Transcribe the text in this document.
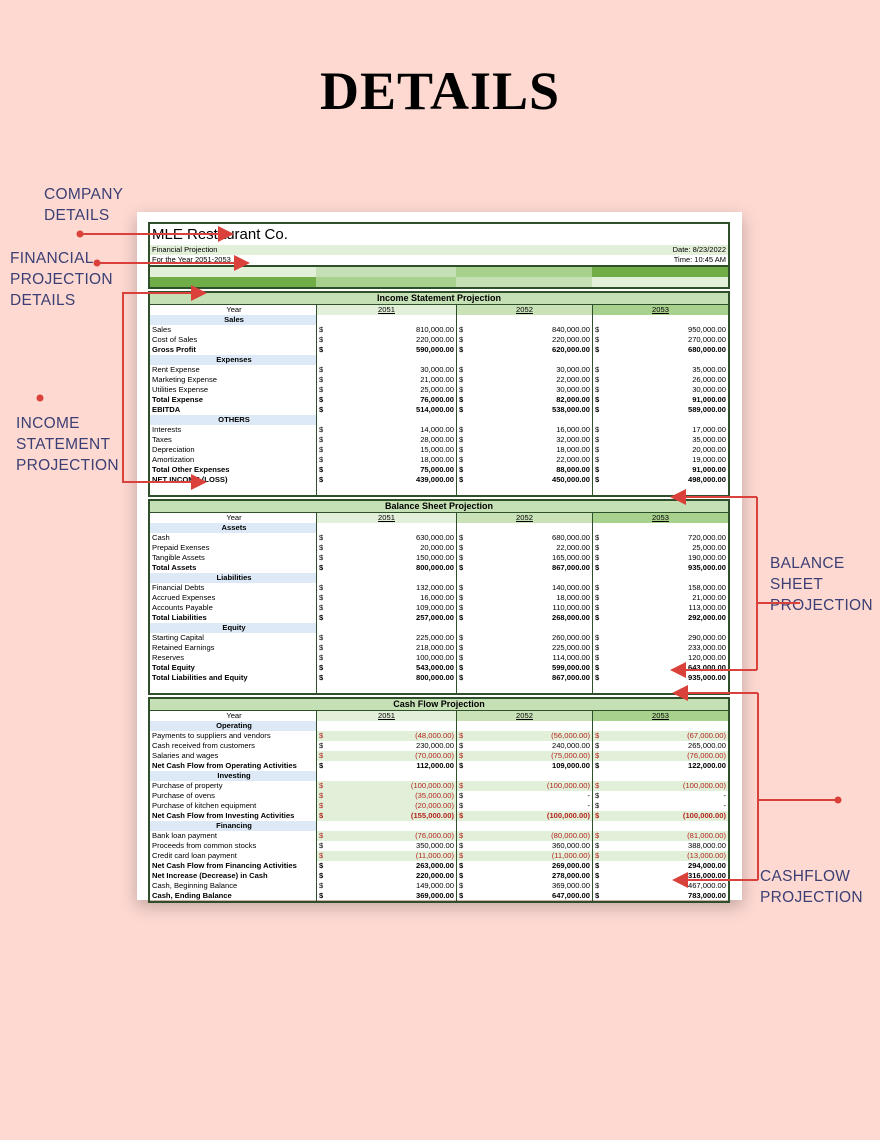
DETAILS
COMPANY DETAILS
FINANCIAL PROJECTION DETAILS
INCOME STATEMENT PROJECTION
BALANCE SHEET PROJECTION
CASHFLOW PROJECTION
MLE Restaurant Co.
Financial Projection	Date: 8/23/2022
For the Year 2051-2053	Time: 10:45 AM
Income Statement Projection
Year	2051	2052	2053
Sales
Sales	$	810,000.00 $	840,000.00 $	950,000.00
Cost of Sales	$	220,000.00 $	220,000.00 $	270,000.00
Gross Profit	$	590,000.00 $	620,000.00 $	680,000.00
Expenses
Rent Expense	$	30,000.00 $	30,000.00 $	35,000.00
Marketing Expense	$	21,000.00 $	22,000.00 $	26,000.00
Utilities Expense	$	25,000.00 $	30,000.00 $	30,000.00
Total Expense	$	76,000.00 $	82,000.00 $	91,000.00
EBITDA	$	514,000.00 $	538,000.00 $	589,000.00
OTHERS
Interests	$	14,000.00 $	16,000.00 $	17,000.00
Taxes	$	28,000.00 $	32,000.00 $	35,000.00
Depreciation	$	15,000.00 $	18,000.00 $	20,000.00
Amortization	$	18,000.00 $	22,000.00 $	19,000.00
Total Other Expenses	$	75,000.00 $	88,000.00 $	91,000.00
NET INCOME (LOSS)	$	439,000.00 $	450,000.00 $	498,000.00
Balance Sheet Projection
Year	2051	2052	2053
Assets
Cash	$	630,000.00 $	680,000.00 $	720,000.00
Prepaid Exenses	$	20,000.00 $	22,000.00 $	25,000.00
Tangible Assets	$	150,000.00 $	165,000.00 $	190,000.00
Total Assets	$	800,000.00 $	867,000.00 $	935,000.00
Liabilities
Financial Debts	$	132,000.00 $	140,000.00 $	158,000.00
Accrued Expenses	$	16,000.00 $	18,000.00 $	21,000.00
Accounts Payable	$	109,000.00 $	110,000.00 $	113,000.00
Total Liabilities	$	257,000.00 $	268,000.00 $	292,000.00
Equity
Starting Capital	$	225,000.00 $	260,000.00 $	290,000.00
Retained Earnings	$	218,000.00 $	225,000.00 $	233,000.00
Reserves	$	100,000.00 $	114,000.00 $	120,000.00
Total Equity	$	543,000.00 $	599,000.00 $	643,000.00
Total Liabilities and Equity	$	800,000.00 $	867,000.00 $	935,000.00
Cash Flow Projection
Year	2051	2052	2053
Operating
Payments to suppliers and vendors	$	(48,000.00) $	(56,000.00) $	(67,000.00)
Cash received from customers	$	230,000.00 $	240,000.00 $	265,000.00
Salaries and wages	$	(70,000.00) $	(75,000.00) $	(76,000.00)
Net Cash Flow from Operating Activities	$	112,000.00 $	109,000.00 $	122,000.00
Investing
Purchase of property	$	(100,000.00) $	(100,000.00) $	(100,000.00)
Purchase of ovens	$	(35,000.00) $	- $	-
Purchase of kitchen equipment	$	(20,000.00) $	- $	-
Net Cash Flow from Investing Activities	$	(155,000.00) $	(100,000.00) $	(100,000.00)
Financing
Bank loan payment	$	(76,000.00) $	(80,000.00) $	(81,000.00)
Proceeds from common stocks	$	350,000.00 $	360,000.00 $	388,000.00
Credit card loan payment	$	(11,000.00) $	(11,000.00) $	(13,000.00)
Net Cash Flow from Financing Activities	$	263,000.00 $	269,000.00 $	294,000.00
Net Increase (Decrease) in Cash	$	220,000.00 $	278,000.00 $	316,000.00
Cash, Beginning Balance	$	149,000.00 $	369,000.00 $	467,000.00
Cash, Ending Balance	$	369,000.00 $	647,000.00 $	783,000.00
